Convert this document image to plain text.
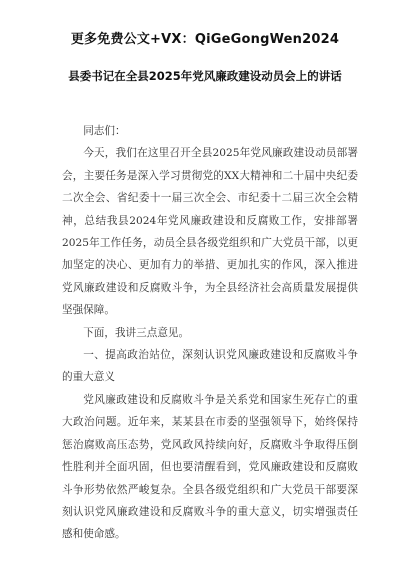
更多免费公文+VX：QiGeGongWen2024
县委书记在全县2025年党风廉政建设动员会上的讲话

同志们：

今天，我们在这里召开全县2025年党风廉政建设动员部署会，主要任务是深入学习贯彻党的XX大精神和二十届中央纪委二次全会、省纪委十一届三次全会、市纪委十二届三次全会精神，总结我县2024年党风廉政建设和反腐败工作，安排部署2025年工作任务，动员全县各级党组织和广大党员干部，以更加坚定的决心、更加有力的举措、更加扎实的作风，深入推进党风廉政建设和反腐败斗争，为全县经济社会高质量发展提供坚强保障。

下面，我讲三点意见。

一、提高政治站位，深刻认识党风廉政建设和反腐败斗争的重大意义

党风廉政建设和反腐败斗争是关系党和国家生死存亡的重大政治问题。近年来，某某县在市委的坚强领导下，始终保持惩治腐败高压态势，党风政风持续向好，反腐败斗争取得压倒性胜利并全面巩固，但也要清醒看到，党风廉政建设和反腐败斗争形势依然严峻复杂。全县各级党组织和广大党员干部要深刻认识党风廉政建设和反腐败斗争的重大意义，切实增强责任感和使命感。
